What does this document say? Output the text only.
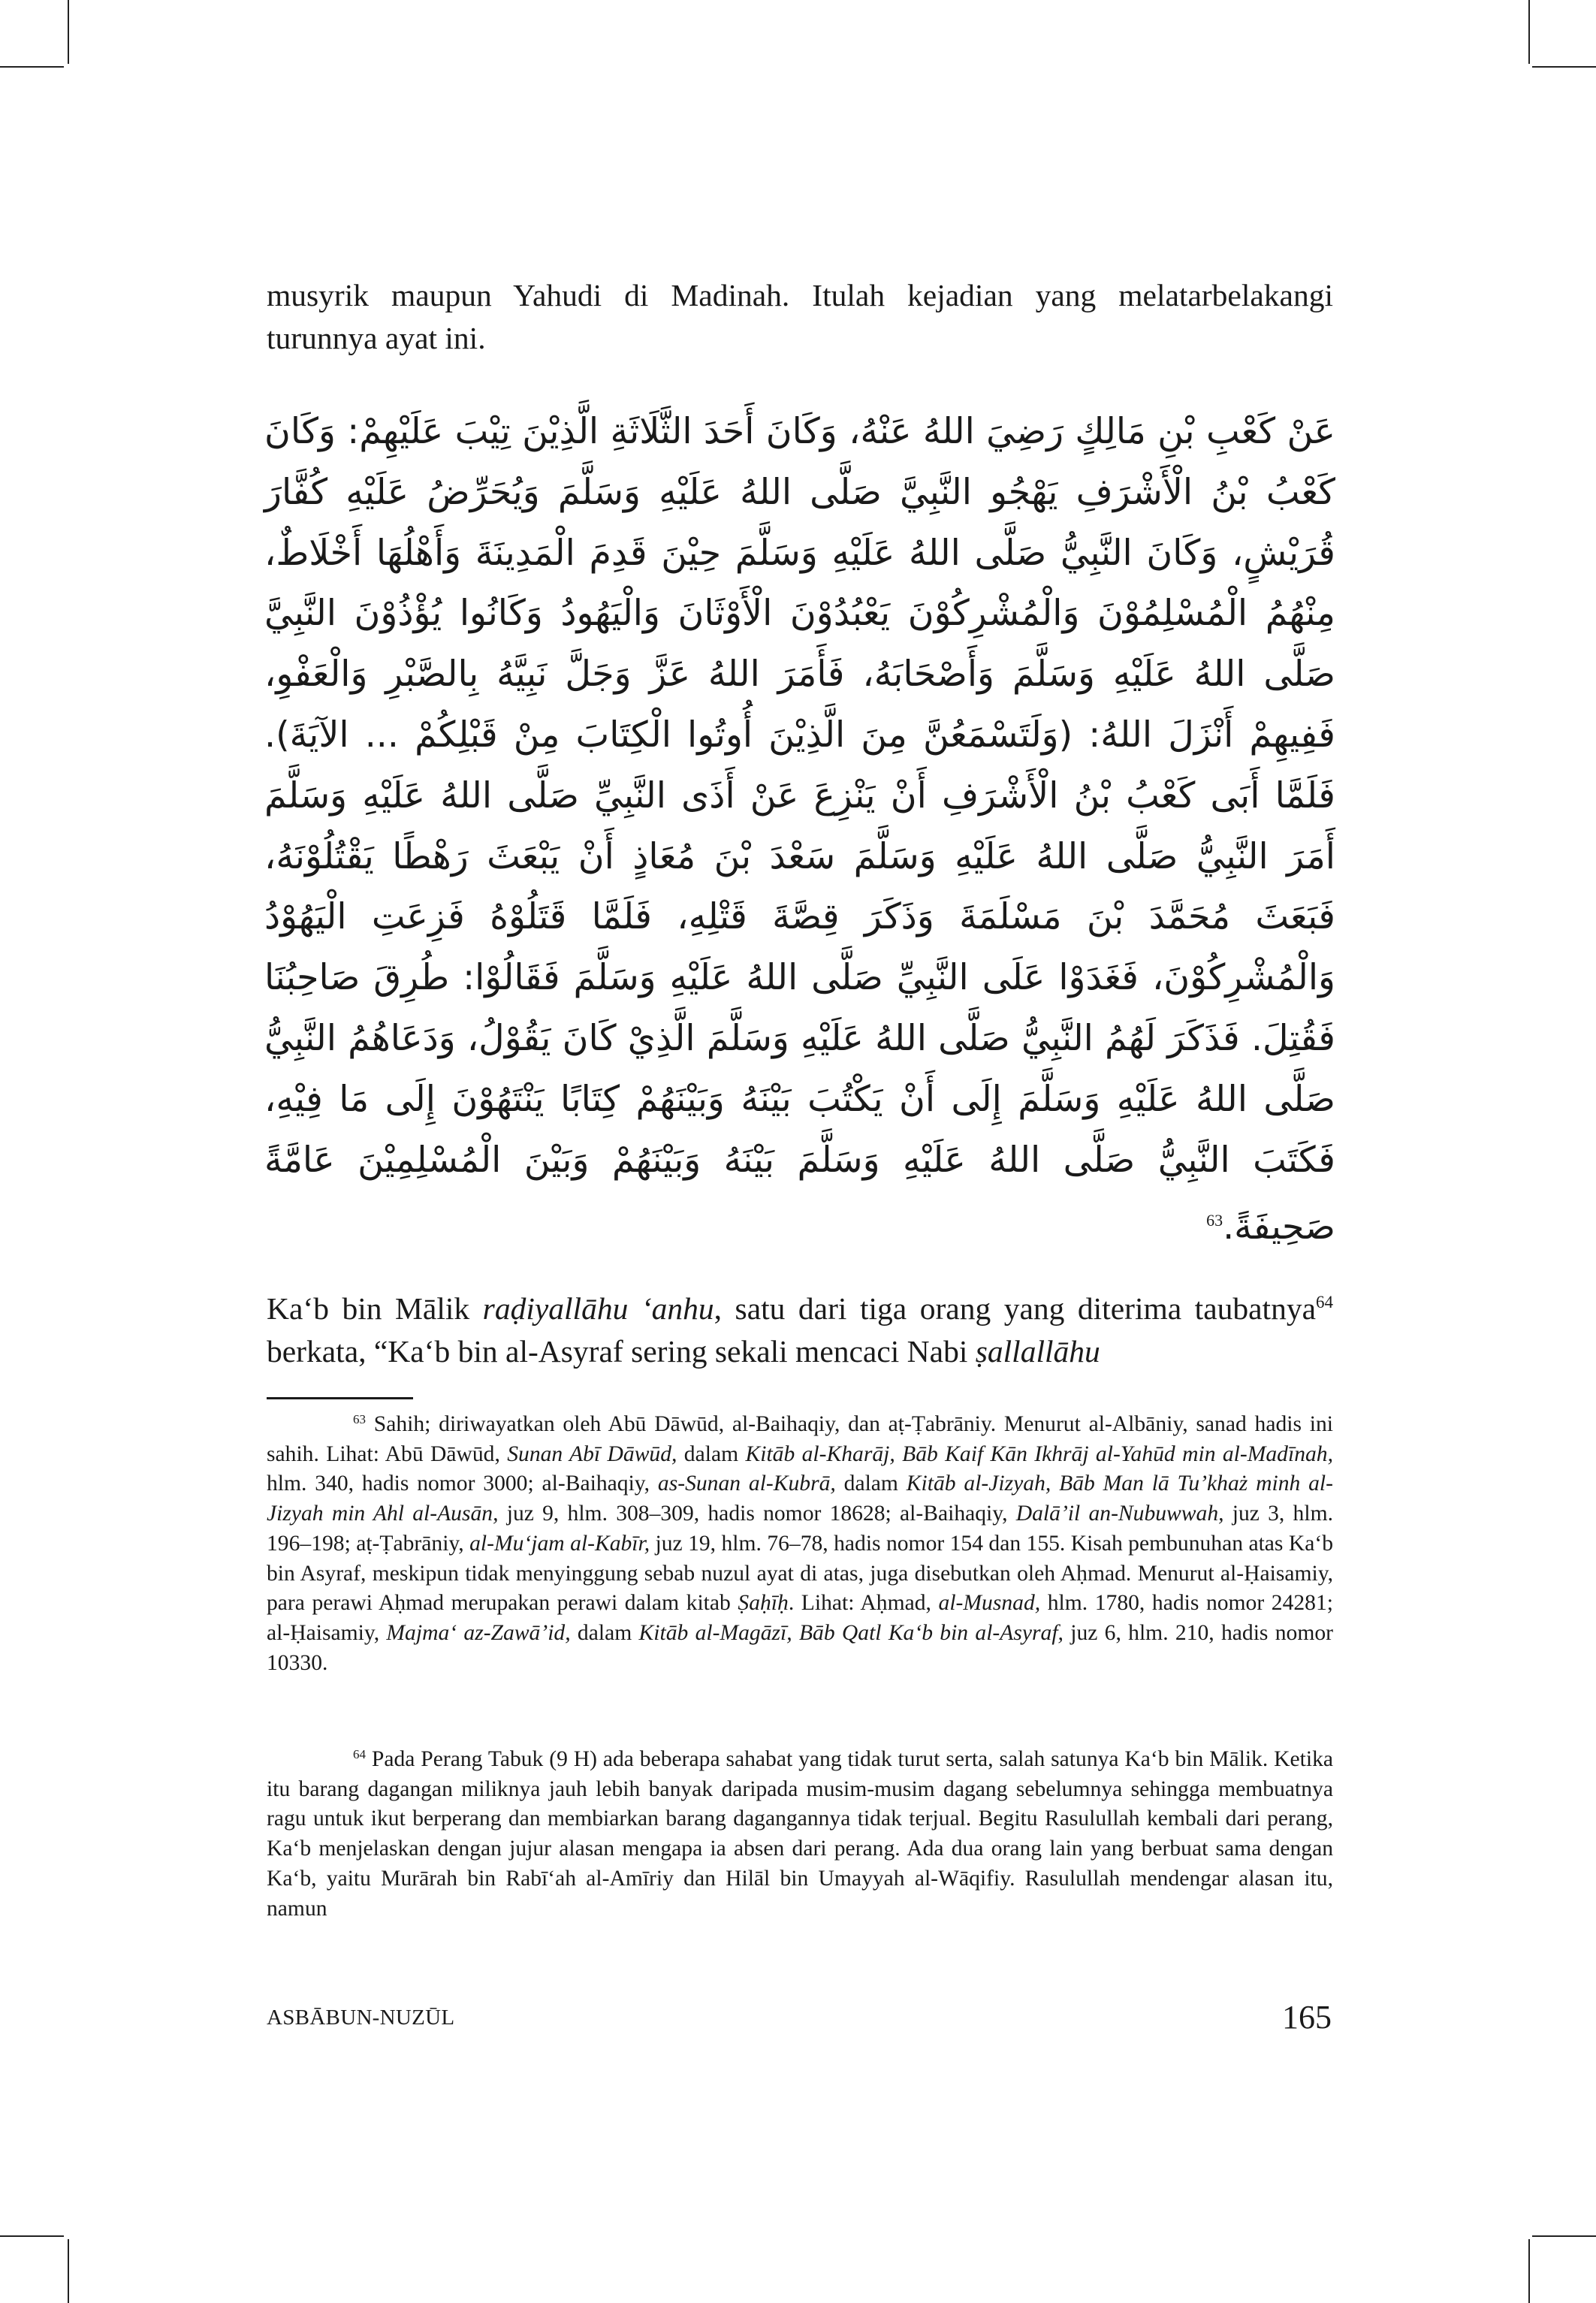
musyrik maupun Yahudi di Madinah. Itulah kejadian yang melatarbelakangi turunnya ayat ini.

عَنْ كَعْبِ بْنِ مَالِكٍ رَضِيَ اللهُ عَنْهُ، وَكَانَ أَحَدَ الثَّلَاثَةِ الَّذِيْنَ تِيْبَ عَلَيْهِمْ: وَكَانَ كَعْبُ بْنُ الْأَشْرَفِ يَهْجُو النَّبِيَّ صَلَّى اللهُ عَلَيْهِ وَسَلَّمَ وَيُحَرِّضُ عَلَيْهِ كُفَّارَ قُرَيْشٍ، وَكَانَ النَّبِيُّ صَلَّى اللهُ عَلَيْهِ وَسَلَّمَ حِيْنَ قَدِمَ الْمَدِينَةَ وَأَهْلُهَا أَخْلَاطٌ، مِنْهُمُ الْمُسْلِمُوْنَ وَالْمُشْرِكُوْنَ يَعْبُدُوْنَ الْأَوْثَانَ وَالْيَهُودُ وَكَانُوا يُؤْذُوْنَ النَّبِيَّ صَلَّى اللهُ عَلَيْهِ وَسَلَّمَ وَأَصْحَابَهُ، فَأَمَرَ اللهُ عَزَّ وَجَلَّ نَبِيَّهُ بِالصَّبْرِ وَالْعَفْوِ، فَفِيهِمْ أَنْزَلَ اللهُ: (وَلَتَسْمَعُنَّ مِنَ الَّذِيْنَ أُوتُوا الْكِتَابَ مِنْ قَبْلِكُمْ ... الآيَةَ). فَلَمَّا أَبَى كَعْبُ بْنُ الْأَشْرَفِ أَنْ يَنْزِعَ عَنْ أَذَى النَّبِيِّ صَلَّى اللهُ عَلَيْهِ وَسَلَّمَ أَمَرَ النَّبِيُّ صَلَّى اللهُ عَلَيْهِ وَسَلَّمَ سَعْدَ بْنَ مُعَاذٍ أَنْ يَبْعَثَ رَهْطًا يَقْتُلُوْنَهُ، فَبَعَثَ مُحَمَّدَ بْنَ مَسْلَمَةَ وَذَكَرَ قِصَّةَ قَتْلِهِ، فَلَمَّا قَتَلُوْهُ فَزِعَتِ الْيَهُوْدُ وَالْمُشْرِكُوْنَ، فَغَدَوْا عَلَى النَّبِيِّ صَلَّى اللهُ عَلَيْهِ وَسَلَّمَ فَقَالُوْا: طُرِقَ صَاحِبُنَا فَقُتِلَ. فَذَكَرَ لَهُمُ النَّبِيُّ صَلَّى اللهُ عَلَيْهِ وَسَلَّمَ الَّذِيْ كَانَ يَقُوْلُ، وَدَعَاهُمُ النَّبِيُّ صَلَّى اللهُ عَلَيْهِ وَسَلَّمَ إِلَى أَنْ يَكْتُبَ بَيْنَهُ وَبَيْنَهُمْ كِتَابًا يَنْتَهُوْنَ إِلَى مَا فِيْهِ، فَكَتَبَ النَّبِيُّ صَلَّى اللهُ عَلَيْهِ وَسَلَّمَ بَيْنَهُ وَبَيْنَهُمْ وَبَيْنَ الْمُسْلِمِيْنَ عَامَّةً صَحِيفَةً.$^{63}$

Kaʻb bin Mālik raḍiyallāhu ʻanhu, satu dari tiga orang yang diterima taubatnya$^{64}$ berkata, “Kaʻb bin al-Asyraf sering sekali mencaci Nabi ṣallallāhu

$^{63}$ Sahih; diriwayatkan oleh Abū Dāwūd, al-Baihaqiy, dan aṭ-Ṭabrāniy. Menurut al-Albāniy, sanad hadis ini sahih. Lihat: Abū Dāwūd, Sunan Abī Dāwūd, dalam Kitāb al-Kharāj, Bāb Kaif Kān Ikhrāj al-Yahūd min al-Madīnah, hlm. 340, hadis nomor 3000; al-Baihaqiy, as-Sunan al-Kubrā, dalam Kitāb al-Jizyah, Bāb Man lā Tu’khaż minh al-Jizyah min Ahl al-Ausān, juz 9, hlm. 308–309, hadis nomor 18628; al-Baihaqiy, Dalā’il an-Nubuwwah, juz 3, hlm. 196–198; aṭ-Ṭabrāniy, al-Muʻjam al-Kabīr, juz 19, hlm. 76–78, hadis nomor 154 dan 155. Kisah pembunuhan atas Kaʻb bin Asyraf, meskipun tidak menyinggung sebab nuzul ayat di atas, juga disebutkan oleh Aḥmad. Menurut al-Ḥaisamiy, para perawi Aḥmad merupakan perawi dalam kitab Ṣaḥīḥ. Lihat: Aḥmad, al-Musnad, hlm. 1780, hadis nomor 24281; al-Ḥaisamiy, Majmaʻ az-Zawā’id, dalam Kitāb al-Magāzī, Bāb Qatl Kaʻb bin al-Asyraf, juz 6, hlm. 210, hadis nomor 10330.

$^{64}$ Pada Perang Tabuk (9 H) ada beberapa sahabat yang tidak turut serta, salah satunya Kaʻb bin Mālik. Ketika itu barang dagangan miliknya jauh lebih banyak daripada musim-musim dagang sebelumnya sehingga membuatnya ragu untuk ikut berperang dan membiarkan barang dagangannya tidak terjual. Begitu Rasulullah kembali dari perang, Kaʻb menjelaskan dengan jujur alasan mengapa ia absen dari perang. Ada dua orang lain yang berbuat sama dengan Kaʻb, yaitu Murārah bin Rabīʻah al-Amīriy dan Hilāl bin Umayyah al-Wāqifiy. Rasulullah mendengar alasan itu, namun

ASBĀBUN-NUZŪL	165
